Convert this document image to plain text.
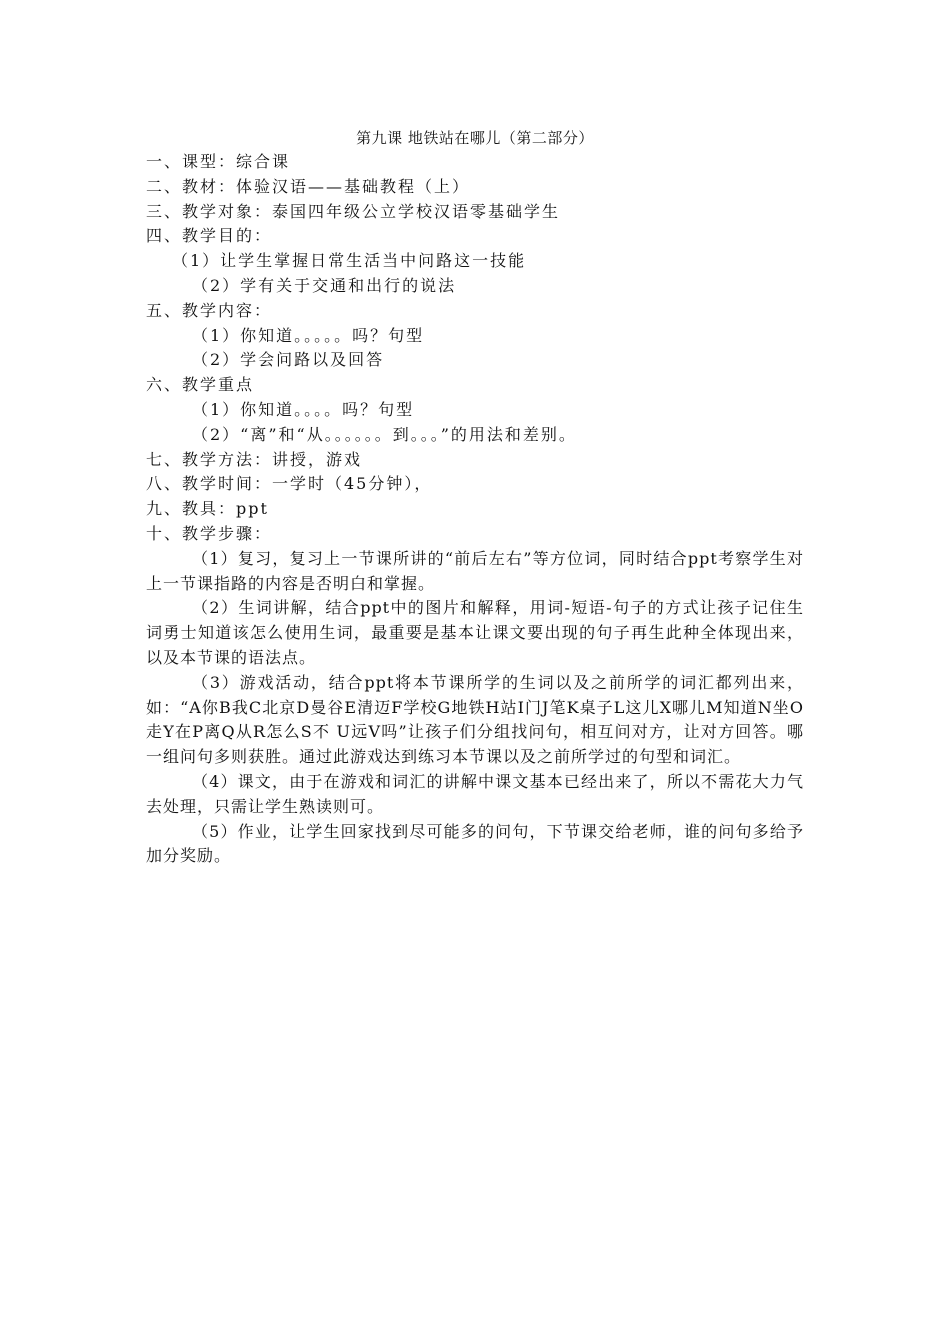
第九课 地铁站在哪儿（第二部分）
一、课型：综合课
二、教材：体验汉语——基础教程（上）
三、教学对象：泰国四年级公立学校汉语零基础学生
四、教学目的：
（1）让学生掌握日常生活当中问路这一技能
（2）学有关于交通和出行的说法
五、教学内容：
（1）你知道。。。。。吗？句型
（2）学会问路以及回答
六、教学重点
（1）你知道。。。。吗？句型
（2）“离”和“从。。。。。。到。。。”的用法和差别。
七、教学方法：讲授，游戏
八、教学时间：一学时（45分钟），
九、教具：ppt
十、教学步骤：
（1）复习，复习上一节课所讲的“前后左右”等方位词，同时结合ppt考察学生对上一节课指路的内容是否明白和掌握。
（2）生词讲解，结合ppt中的图片和解释，用词-短语-句子的方式让孩子记住生词勇士知道该怎么使用生词，最重要是基本让课文要出现的句子再生此种全体现出来，以及本节课的语法点。
（3）游戏活动，结合ppt将本节课所学的生词以及之前所学的词汇都列出来，如：“A你B我C北京D曼谷E清迈F学校G地铁H站I门J笔K桌子L这儿X哪儿M知道N坐O走Y在P离Q从R怎么S不 U远V吗”让孩子们分组找问句，相互问对方，让对方回答。哪一组问句多则获胜。通过此游戏达到练习本节课以及之前所学过的句型和词汇。
（4）课文，由于在游戏和词汇的讲解中课文基本已经出来了，所以不需花大力气去处理，只需让学生熟读则可。
（5）作业，让学生回家找到尽可能多的问句，下节课交给老师，谁的问句多给予加分奖励。
